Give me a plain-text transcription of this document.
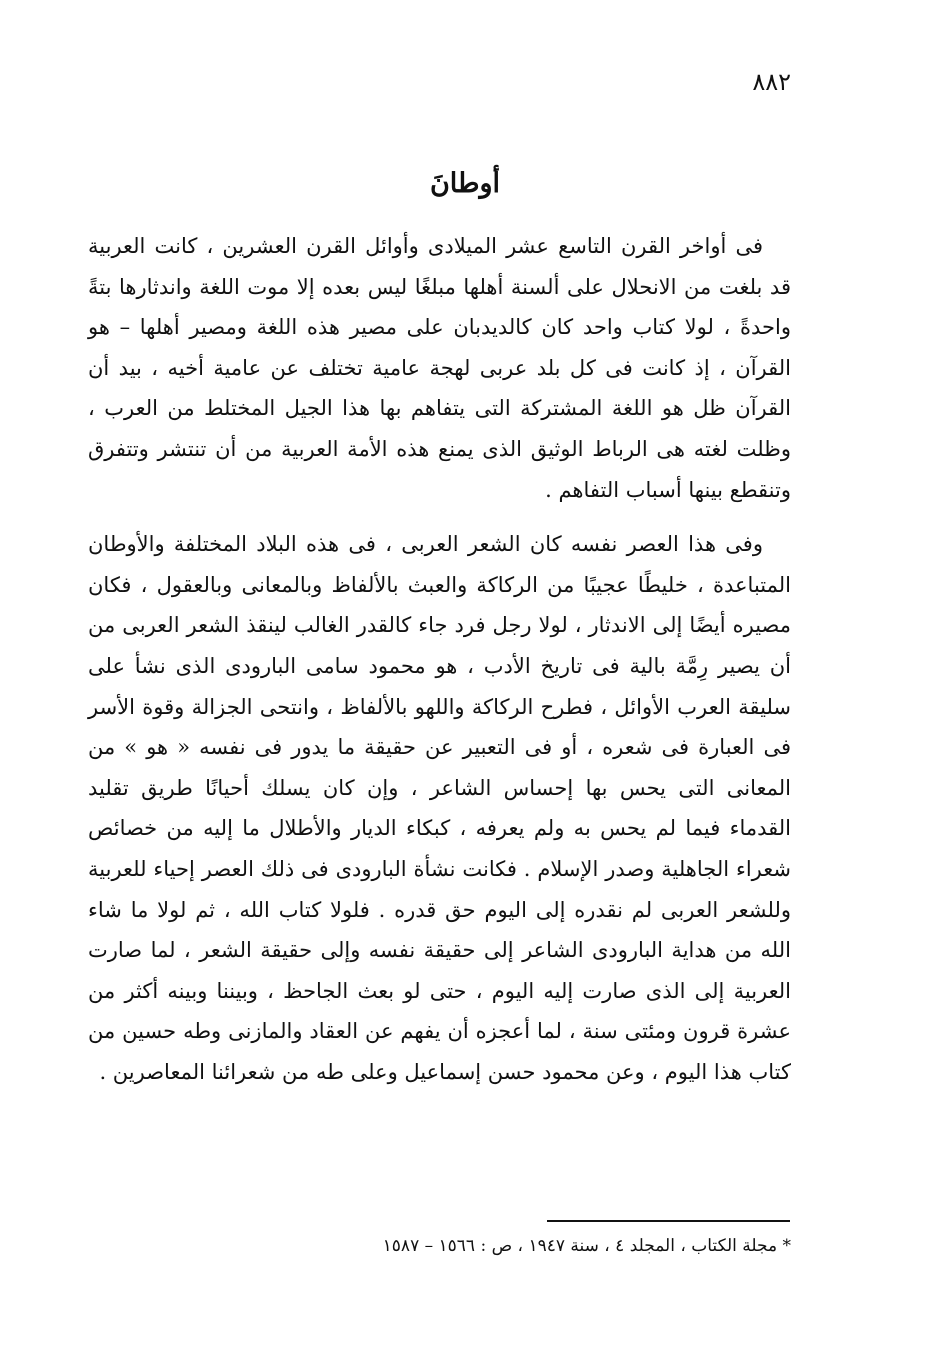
٨٨٢
أوطانَ

فى أواخر القرن التاسع عشر الميلادى وأوائل القرن العشرين ، كانت العربية قد بلغت من الانحلال على ألسنة أهلها مبلغًا ليس بعده إلا موت اللغة واندثارها بتةً واحدةً ، لولا كتاب واحد كان كالديدبان على مصير هذه اللغة ومصير أهلها – هو القرآن ، إذ كانت فى كل بلد عربى لهجة عامية تختلف عن عامية أخيه ، بيد أن القرآن ظل هو اللغة المشتركة التى يتفاهم بها هذا الجيل المختلط من العرب ، وظلت لغته هى الرباط الوثيق الذى يمنع هذه الأمة العربية من أن تنتشر وتتفرق وتنقطع بينها أسباب التفاهم .

وفى هذا العصر نفسه كان الشعر العربى ، فى هذه البلاد المختلفة والأوطان المتباعدة ، خليطًا عجيبًا من الركاكة والعبث بالألفاظ وبالمعانى وبالعقول ، فكان مصيره أيضًا إلى الاندثار ، لولا رجل فرد جاء كالقدر الغالب لينقذ الشعر العربى من أن يصير رِمَّة بالية فى تاريخ الأدب ، هو محمود سامى البارودى الذى نشأ على سليقة العرب الأوائل ، فطرح الركاكة واللهو بالألفاظ ، وانتحى الجزالة وقوة الأسر فى العبارة فى شعره ، أو فى التعبير عن حقيقة ما يدور فى نفسه « هو » من المعانى التى يحس بها إحساس الشاعر ، وإن كان يسلك أحيانًا طريق تقليد القدماء فيما لم يحس به ولم يعرفه ، كبكاء الديار والأطلال ما إليه من خصائص شعراء الجاهلية وصدر الإسلام . فكانت نشأة البارودى فى ذلك العصر إحياء للعربية وللشعر العربى لم نقدره إلى اليوم حق قدره . فلولا كتاب الله ، ثم لولا ما شاء الله من هداية البارودى الشاعر إلى حقيقة نفسه وإلى حقيقة الشعر ، لما صارت العربية إلى الذى صارت إليه اليوم ، حتى لو بعث الجاحظ ، وبيننا وبينه أكثر من عشرة قرون ومئتى سنة ، لما أعجزه أن يفهم عن العقاد والمازنى وطه حسين من كتاب هذا اليوم ، وعن محمود حسن إسماعيل وعلى طه من شعرائنا المعاصرين .

* مجلة الكتاب ، المجلد ٤ ، سنة ١٩٤٧ ، ص : ١٥٦٦ – ١٥٨٧
